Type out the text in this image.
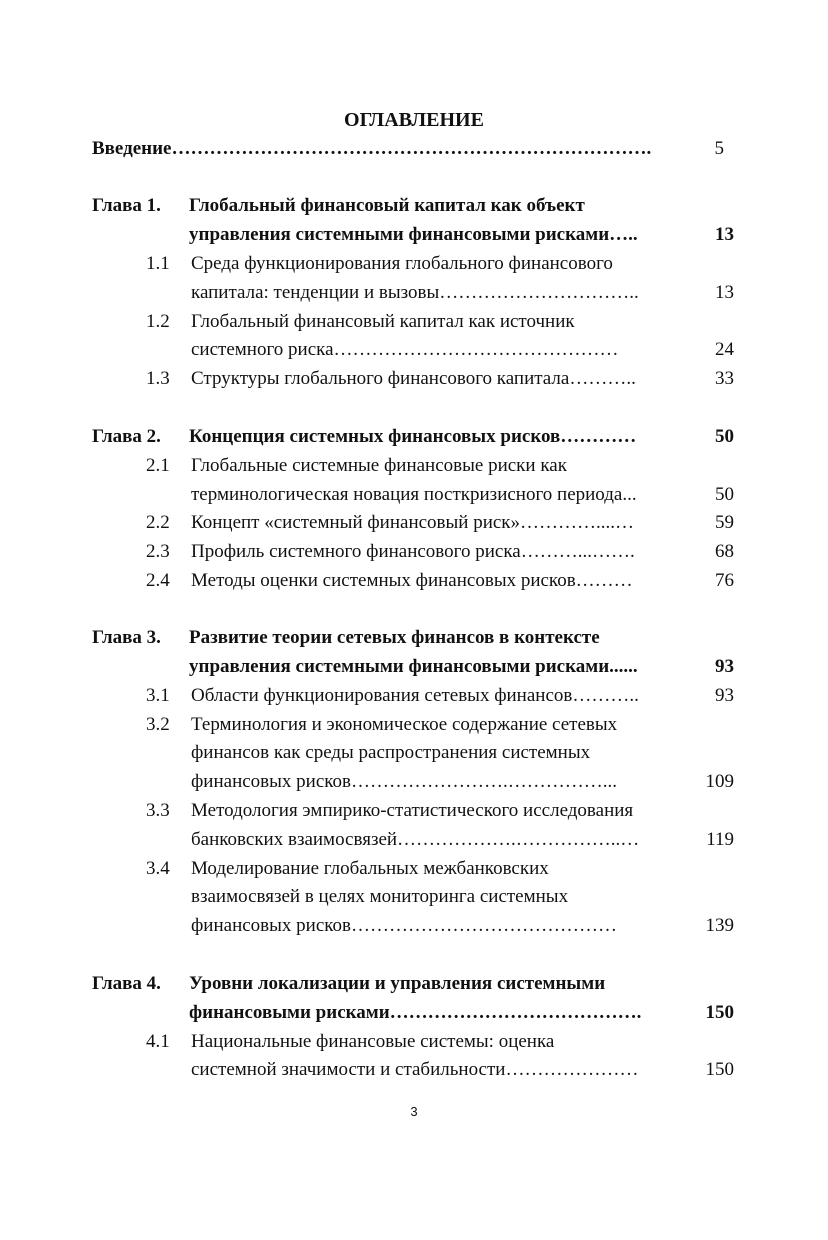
ОГЛАВЛЕНИЕ
Введение………………………………………………………………….	5
Глава 1. Глобальный финансовый капитал как объект
управления системными финансовыми рисками…..	13
1.1 Среда функционирования глобального финансового
капитала: тенденции и вызовы…………………………..	13
1.2 Глобальный финансовый капитал как источник
системного риска………………………………………	24
1.3 Структуры глобального финансового капитала………..	33
Глава 2. Концепция системных финансовых рисков…………	50
2.1 Глобальные системные финансовые риски как
терминологическая новация посткризисного периода...	50
2.2 Концепт «системный финансовый риск»…………....…	59
2.3 Профиль системного финансового риска………...…….	68
2.4 Методы оценки системных финансовых рисков………	76
Глава 3. Развитие теории сетевых финансов в контексте
управления системными финансовыми рисками......	93
3.1 Области функционирования сетевых финансов………..	93
3.2 Терминология и экономическое содержание сетевых
финансов как среды распространения системных
финансовых рисков…………………….……………...	109
3.3 Методология эмпирико-статистического исследования
банковских взаимосвязей……………….……………..…	119
3.4 Моделирование глобальных межбанковских
взаимосвязей в целях мониторинга системных
финансовых рисков……………………………………	139
Глава 4. Уровни локализации и управления системными
финансовыми рисками………………………………….	150
4.1 Национальные финансовые системы: оценка
системной значимости и стабильности…………………	150
3
